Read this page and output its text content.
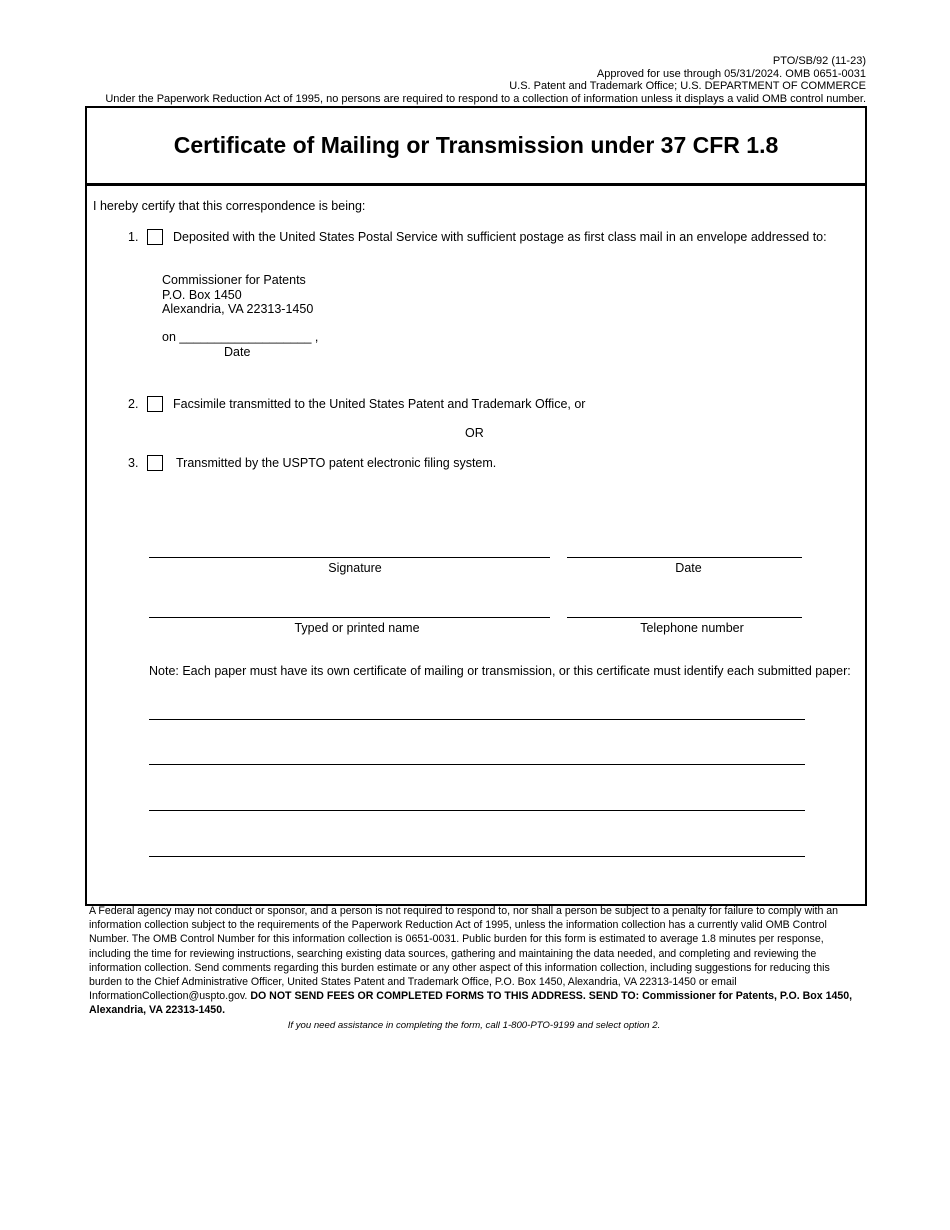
PTO/SB/92 (11-23)
Approved for use through 05/31/2024. OMB 0651-0031
U.S. Patent and Trademark Office; U.S. DEPARTMENT OF COMMERCE
Under the Paperwork Reduction Act of 1995, no persons are required to respond to a collection of information unless it displays a valid OMB control number.
Certificate of Mailing or Transmission under 37 CFR 1.8
I hereby certify that this correspondence is being:
1.	Deposited with the United States Postal Service with sufficient postage as first class mail in an envelope addressed to:
Commissioner for Patents
P.O. Box 1450
Alexandria, VA 22313-1450
on ___________________ ,
Date
2.	Facsimile transmitted to the United States Patent and Trademark Office, or
OR
3.	Transmitted by the USPTO patent electronic filing system.
Signature	Date
Typed or printed name	Telephone number
Note: Each paper must have its own certificate of mailing or transmission, or this certificate must identify each submitted paper:
A Federal agency may not conduct or sponsor, and a person is not required to respond to, nor shall a person be subject to a penalty for failure to comply with an information collection subject to the requirements of the Paperwork Reduction Act of 1995, unless the information collection has a currently valid OMB Control Number. The OMB Control Number for this information collection is 0651-0031. Public burden for this form is estimated to average 1.8 minutes per response, including the time for reviewing instructions, searching existing data sources, gathering and maintaining the data needed, and completing and reviewing the information collection. Send comments regarding this burden estimate or any other aspect of this information collection, including suggestions for reducing this burden to the Chief Administrative Officer, United States Patent and Trademark Office, P.O. Box 1450, Alexandria, VA 22313-1450 or email InformationCollection@uspto.gov. DO NOT SEND FEES OR COMPLETED FORMS TO THIS ADDRESS. SEND TO: Commissioner for Patents, P.O. Box 1450, Alexandria, VA 22313-1450.
If you need assistance in completing the form, call 1-800-PTO-9199 and select option 2.
